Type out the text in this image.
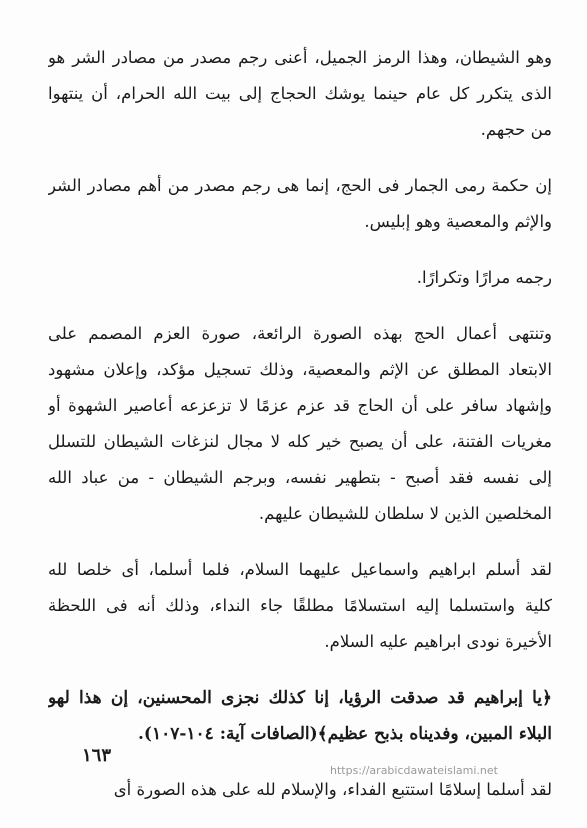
وهو الشيطان، وهذا الرمز الجميل، أعنى رجم مصدر من مصادر الشر هو
الذى يتكرر كل عام حينما يوشك الحجاج إلى بيت الله الحرام، أن ينتهوا
من حجهم.

إن حكمة رمى الجمار فى الحج، إنما هى رجم مصدر من أهم مصادر الشر
والإثم والمعصية وهو إبليس.

رجمه مرارًا وتكرارًا.

وتنتهى أعمال الحج بهذه الصورة الرائعة، صورة العزم المصمم على
الابتعاد المطلق عن الإثم والمعصية، وذلك تسجيل مؤكد، وإعلان مشهود
وإشهاد سافر على أن الحاج قد عزم عزمًا لا تزعزعه أعاصير الشهوة أو
مغريات الفتنة، على أن يصبح خير كله لا مجال لنزغات الشيطان للتسلل
إلى نفسه فقد أصبح - بتطهير نفسه، وبرجم الشيطان - من عباد الله
المخلصين الذين لا سلطان للشيطان عليهم.

لقد أسلم ابراهيم واسماعيل عليهما السلام، فلما أسلما، أى خلصا لله
كلية واستسلما إليه استسلامًا مطلقًا جاء النداء، وذلك أنه فى اللحظة
الأخيرة نودى ابراهيم عليه السلام.

﴿يا إبراهيم قد صدقت الرؤيا، إنا كذلك نجزى المحسنين، إن هذا لهو
البلاء المبين، وفديناه بذبح عظيم﴾(الصافات آية: ١٠٤-١٠٧).

لقد أسلما إسلامًا استتبع الفداء، والإسلام لله على هذه الصورة أى

١٦٣
https://arabicdawateislami.net
